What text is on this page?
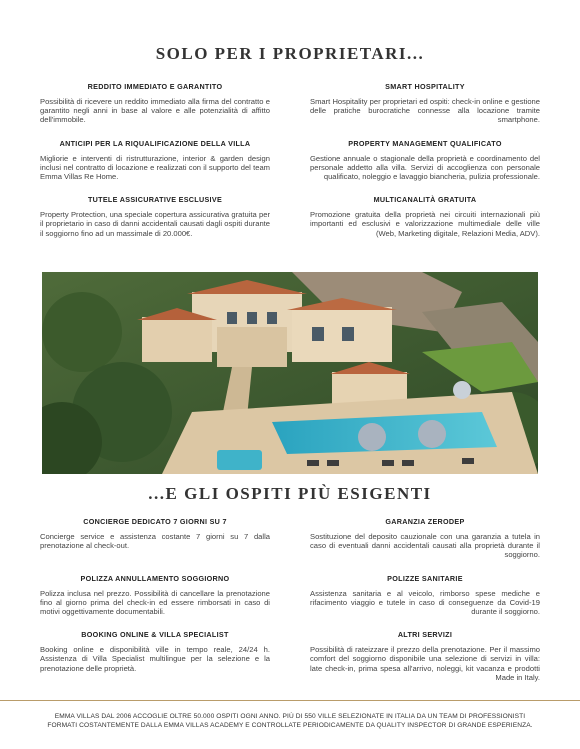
SOLO PER I PROPRIETARI...
REDDITO IMMEDIATO E GARANTITO

Possibilità di ricevere un reddito immediato alla firma del contratto e garantito negli anni in base al valore e alle potenzialità di affitto dell'immobile.

SMART HOSPITALITY

Smart Hospitality per proprietari ed ospiti: check-in online e gestione delle pratiche burocratiche connesse alla locazione tramite smartphone.

ANTICIPI PER LA RIQUALIFICAZIONE DELLA VILLA

Migliorie e interventi di ristrutturazione, interior & garden design inclusi nel contratto di locazione e realizzati con il supporto del team Emma Villas Re Home.

PROPERTY MANAGEMENT QUALIFICATO

Gestione annuale o stagionale della proprietà e coordinamento del personale addetto alla villa. Servizi di accoglienza con personale qualificato, noleggio e lavaggio biancheria, pulizia professionale.

TUTELE ASSICURATIVE ESCLUSIVE

Property Protection, una speciale copertura assicurativa gratuita per il proprietario in caso di danni accidentali causati dagli ospiti durante il soggiorno fino ad un massimale di 20.000€.

MULTICANALITÀ GRATUITA

Promozione gratuita della proprietà nei circuiti internazionali più importanti ed esclusivi e valorizzazione multimediale delle ville (Web, Marketing digitale, Relazioni Media, ADV).

...E GLI OSPITI PIÙ ESIGENTI
CONCIERGE DEDICATO 7 GIORNI SU 7

Concierge service e assistenza costante 7 giorni su 7 dalla prenotazione al check-out.

GARANZIA ZERODEP

Sostituzione del deposito cauzionale con una garanzia a tutela in caso di eventuali danni accidentali causati alla proprietà durante il soggiorno.

POLIZZA ANNULLAMENTO SOGGIORNO

Polizza inclusa nel prezzo. Possibilità di cancellare la prenotazione fino al giorno prima del check-in ed essere rimborsati in caso di motivi oggettivamente documentabili.

POLIZZE SANITARIE

Assistenza sanitaria e al veicolo, rimborso spese mediche e rifacimento viaggio e tutele in caso di conseguenze da Covid-19 durante il soggiorno.

BOOKING ONLINE & VILLA SPECIALIST

Booking online e disponibilità ville in tempo reale, 24/24 h. Assistenza di Villa Specialist multilingue per la selezione e la prenotazione delle proprietà.

ALTRI SERVIZI

Possibilità di rateizzare il prezzo della prenotazione. Per il massimo comfort del soggiorno disponibile una selezione di servizi in villa: late check-in, prima spesa all'arrivo, noleggi, kit vacanza e prodotti Made in Italy.

EMMA VILLAS DAL 2006 ACCOGLIE OLTRE 50.000 OSPITI OGNI ANNO. PIÙ DI 550 VILLE SELEZIONATE IN ITALIA DA UN TEAM DI PROFESSIONISTI
FORMATI COSTANTEMENTE DALLA EMMA VILLAS ACADEMY E CONTROLLATE PERIODICAMENTE DA QUALITY INSPECTOR DI GRANDE ESPERIENZA.
